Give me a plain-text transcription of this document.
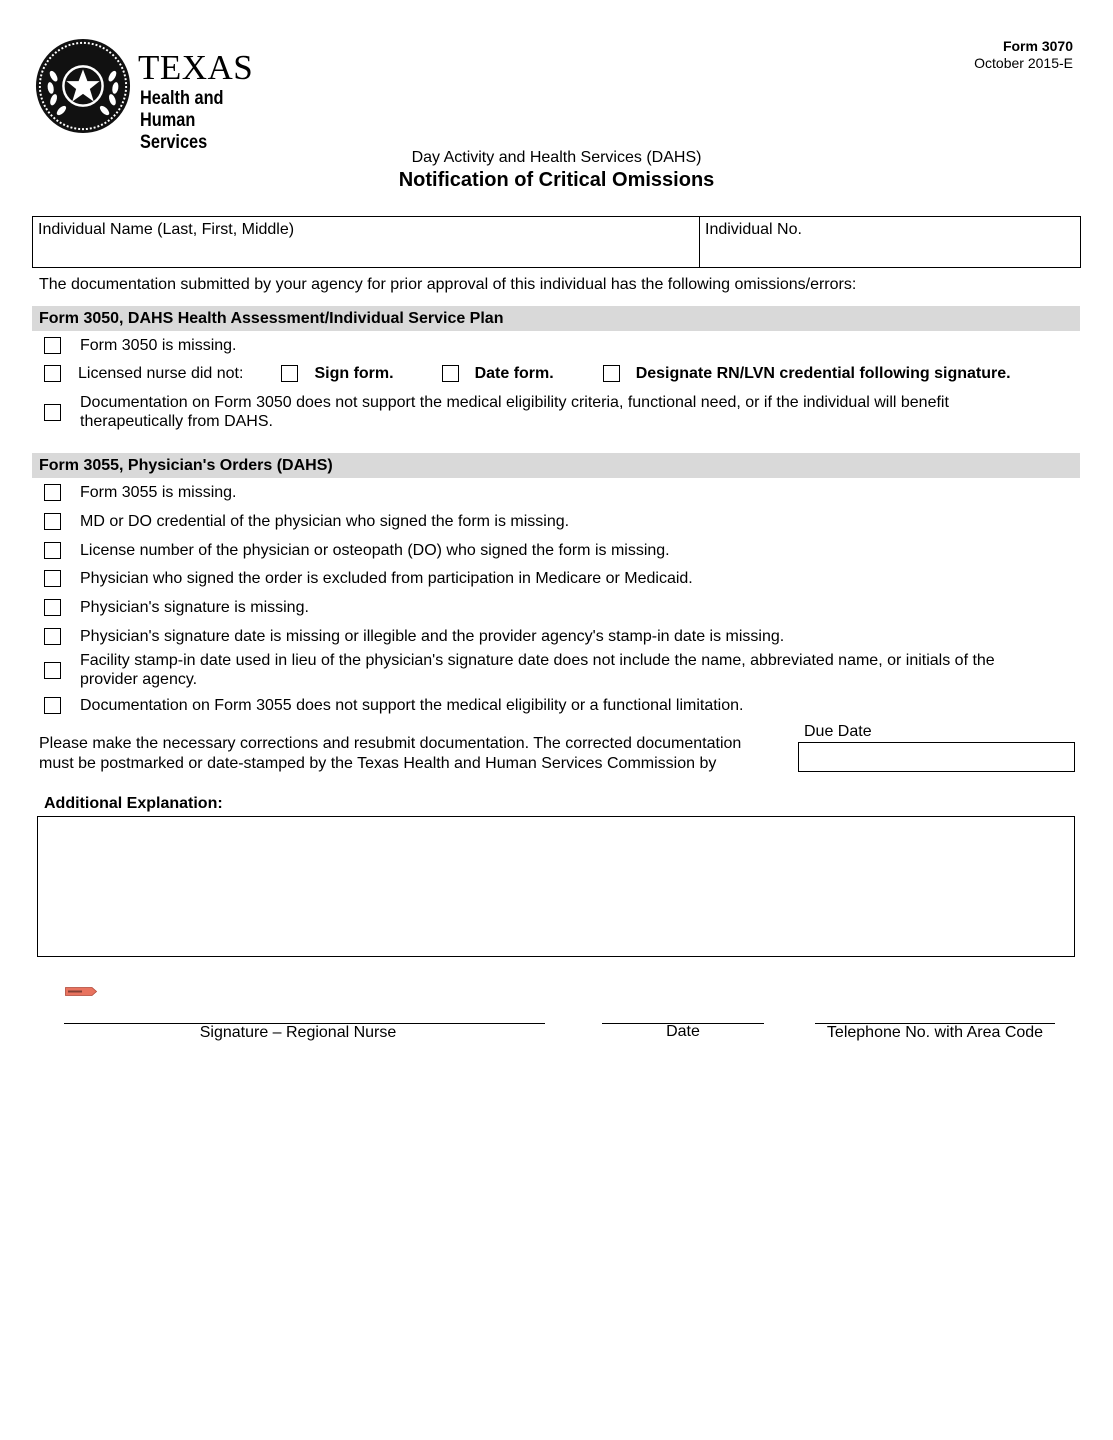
TEXAS
Health and Human
Services
Form 3070
October 2015-E
Day Activity and Health Services (DAHS)
Notification of Critical Omissions
Individual Name (Last, First, Middle)	Individual No.
The documentation submitted by your agency for prior approval of this individual has the following omissions/errors:
Form 3050, DAHS Health Assessment/Individual Service Plan
Form 3050 is missing.
Licensed nurse did not:	Sign form.	Date form.	Designate RN/LVN credential following signature.
Documentation on Form 3050 does not support the medical eligibility criteria, functional need, or if the individual will benefit therapeutically from DAHS.
Form 3055, Physician's Orders (DAHS)
Form 3055 is missing.
MD or DO credential of the physician who signed the form is missing.
License number of the physician or osteopath (DO) who signed the form is missing.
Physician who signed the order is excluded from participation in Medicare or Medicaid.
Physician's signature is missing.
Physician's signature date is missing or illegible and the provider agency's stamp-in date is missing.
Facility stamp-in date used in lieu of the physician's signature date does not include the name, abbreviated name, or initials of the provider agency.
Documentation on Form 3055 does not support the medical eligibility or a functional limitation.
Please make the necessary corrections and resubmit documentation. The corrected documentation must be postmarked or date-stamped by the Texas Health and Human Services Commission by
Due Date
Additional Explanation:
Signature – Regional Nurse	Date	Telephone No. with Area Code
